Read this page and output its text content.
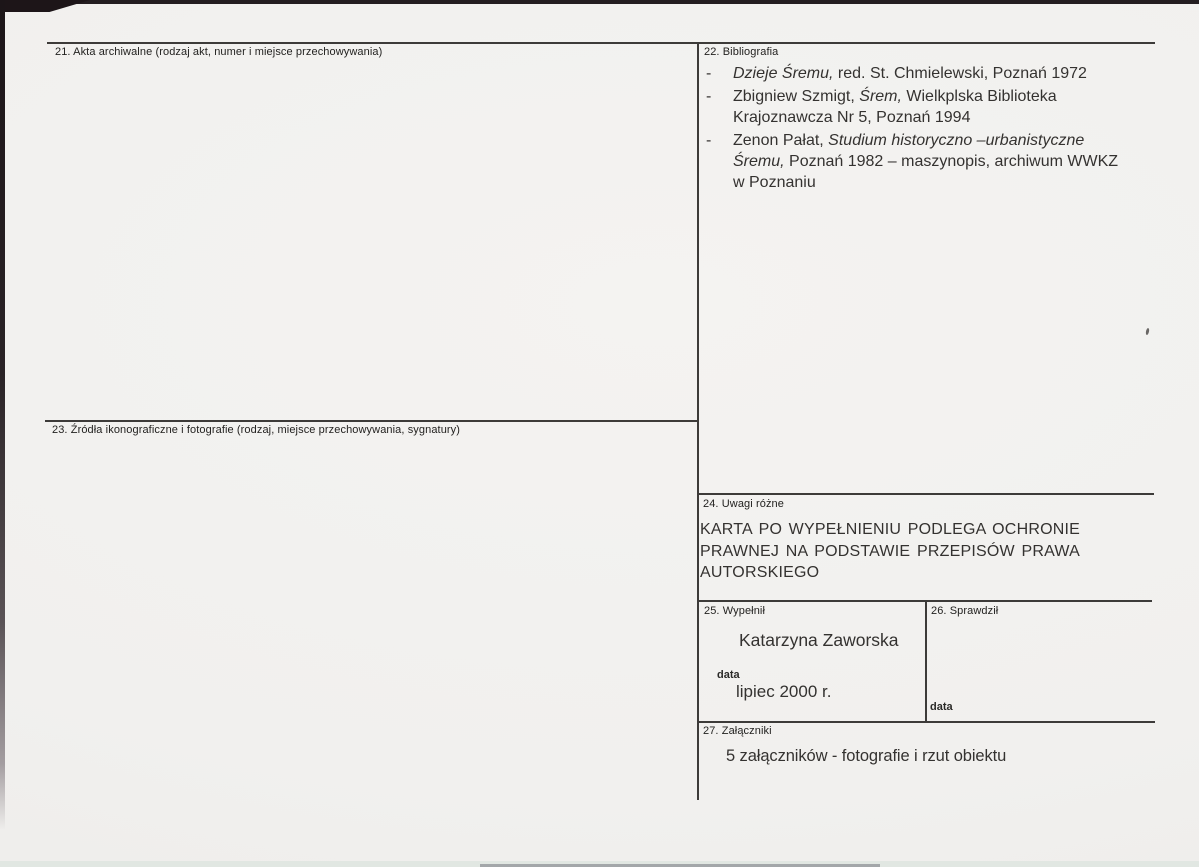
21. Akta archiwalne (rodzaj akt, numer i miejsce przechowywania)	22. Bibliografia
-	Dzieje Śremu, red. St. Chmielewski, Poznań 1972
-	Zbigniew Szmigt, Śrem, Wielkplska Biblioteka
Krajoznawcza Nr 5, Poznań 1994
-	Zenon Pałat, Studium historyczno –urbanistyczne
Śremu, Poznań 1982 – maszynopis, archiwum WWKZ
w Poznaniu
23. Źródła ikonograficzne i fotografie (rodzaj, miejsce przechowywania, sygnatury)
24. Uwagi różne
KARTA PO WYPEŁNIENIU PODLEGA OCHRONIE
PRAWNEJ NA PODSTAWIE PRZEPISÓW PRAWA
AUTORSKIEGO
25. Wypełnił
Katarzyna Zaworska
data
lipiec 2000 r.
26. Sprawdził
data
27. Załączniki
5 załączników - fotografie i rzut obiektu
